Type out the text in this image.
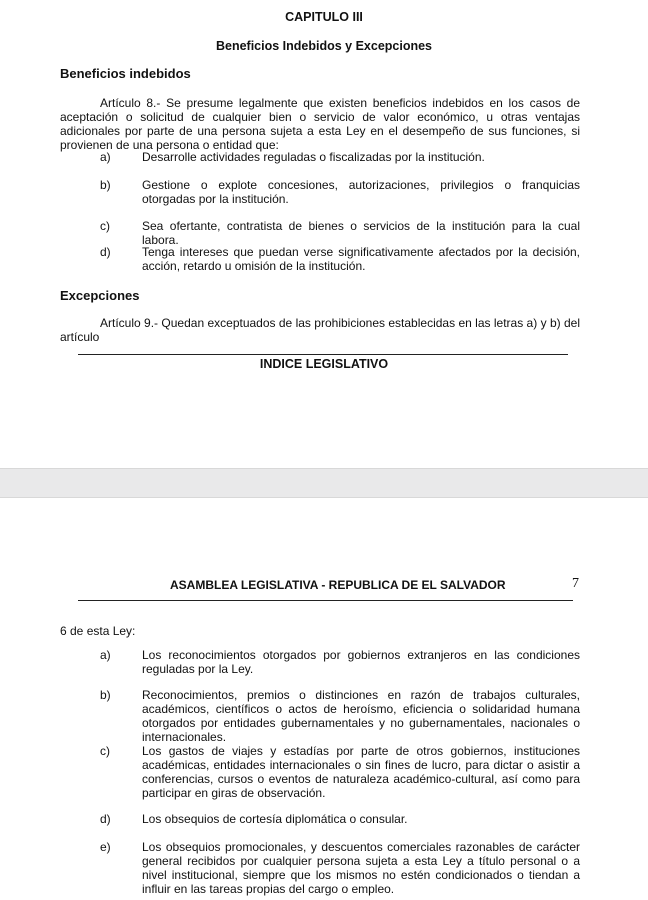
CAPITULO III
Beneficios Indebidos y Excepciones
Beneficios indebidos
Artículo 8.- Se presume legalmente que existen beneficios indebidos en los casos de aceptación o solicitud de cualquier bien o servicio de valor económico, u otras ventajas adicionales por parte de una persona sujeta a esta Ley en el desempeño de sus funciones, si provienen de una persona o entidad que:
a)	Desarrolle actividades reguladas o fiscalizadas por la institución.
b)	Gestione o explote concesiones, autorizaciones, privilegios o franquicias otorgadas por la institución.
c)	Sea ofertante, contratista de bienes o servicios de la institución para la cual labora.
d)	Tenga intereses que puedan verse significativamente afectados por la decisión, acción, retardo u omisión de la institución.
Excepciones
Artículo 9.- Quedan exceptuados de las prohibiciones establecidas en las letras a) y b) del artículo
INDICE LEGISLATIVO
ASAMBLEA LEGISLATIVA - REPUBLICA DE EL SALVADOR	7
6 de esta Ley:
a)	Los reconocimientos otorgados por gobiernos extranjeros en las condiciones reguladas por la Ley.
b)	Reconocimientos, premios o distinciones en razón de trabajos culturales, académicos, científicos o actos de heroísmo, eficiencia o solidaridad humana otorgados por entidades gubernamentales y no gubernamentales, nacionales o internacionales.
c)	Los gastos de viajes y estadías por parte de otros gobiernos, instituciones académicas, entidades internacionales o sin fines de lucro, para dictar o asistir a conferencias, cursos o eventos de naturaleza académico-cultural, así como para participar en giras de observación.
d)	Los obsequios de cortesía diplomática o consular.
e)	Los obsequios promocionales, y descuentos comerciales razonables de carácter general recibidos por cualquier persona sujeta a esta Ley a título personal o a nivel institucional, siempre que los mismos no estén condicionados o tiendan a influir en las tareas propias del cargo o empleo.
